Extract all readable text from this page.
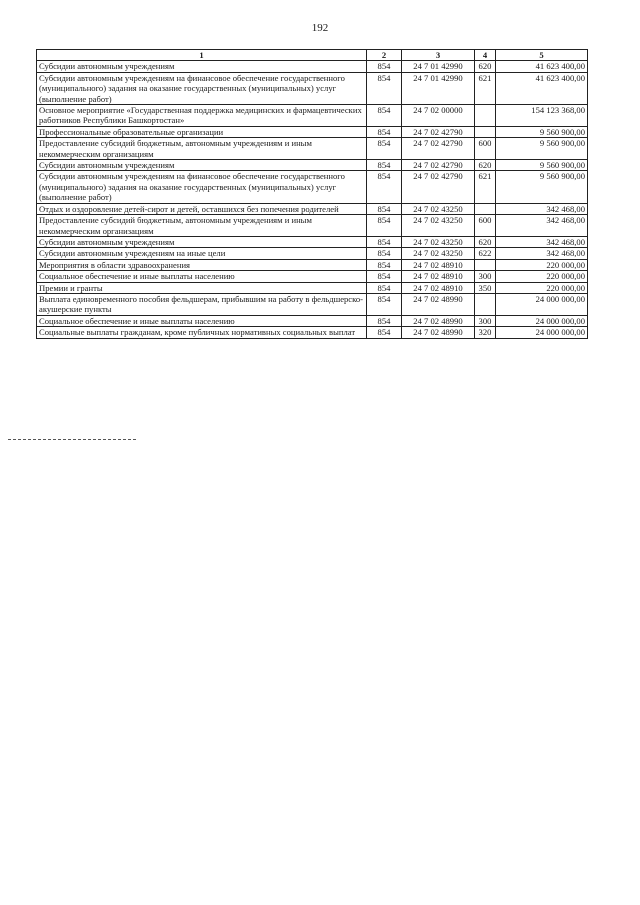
192
1	2	3	4	5
Субсидии автономным учреждениям	854	24 7 01 42990	620	41 623 400,00
Субсидии автономным учреждениям на финансовое обеспечение государственного (муниципального) задания на оказание государственных (муниципальных) услуг (выполнение работ)	854	24 7 01 42990	621	41 623 400,00
Основное мероприятие «Государственная поддержка медицинских и фармацевтических работников Республики Башкортостан»	854	24 7 02 00000		154 123 368,00
Профессиональные образовательные организации	854	24 7 02 42790		9 560 900,00
Предоставление субсидий бюджетным, автономным учреждениям и иным некоммерческим организациям	854	24 7 02 42790	600	9 560 900,00
Субсидии автономным учреждениям	854	24 7 02 42790	620	9 560 900,00
Субсидии автономным учреждениям на финансовое обеспечение государственного (муниципального) задания на оказание государственных (муниципальных) услуг (выполнение работ)	854	24 7 02 42790	621	9 560 900,00
Отдых и оздоровление детей-сирот и детей, оставшихся без попечения родителей	854	24 7 02 43250		342 468,00
Предоставление субсидий бюджетным, автономным учреждениям и иным некоммерческим организациям	854	24 7 02 43250	600	342 468,00
Субсидии автономным учреждениям	854	24 7 02 43250	620	342 468,00
Субсидии автономным учреждениям на иные цели	854	24 7 02 43250	622	342 468,00
Мероприятия в области здравоохранения	854	24 7 02 48910		220 000,00
Социальное обеспечение и иные выплаты населению	854	24 7 02 48910	300	220 000,00
Премии и гранты	854	24 7 02 48910	350	220 000,00
Выплата единовременного пособия фельдшерам, прибывшим на работу в фельдшерско-акушерские пункты	854	24 7 02 48990		24 000 000,00
Социальное обеспечение и иные выплаты населению	854	24 7 02 48990	300	24 000 000,00
Социальные выплаты гражданам, кроме публичных нормативных социальных выплат	854	24 7 02 48990	320	24 000 000,00
